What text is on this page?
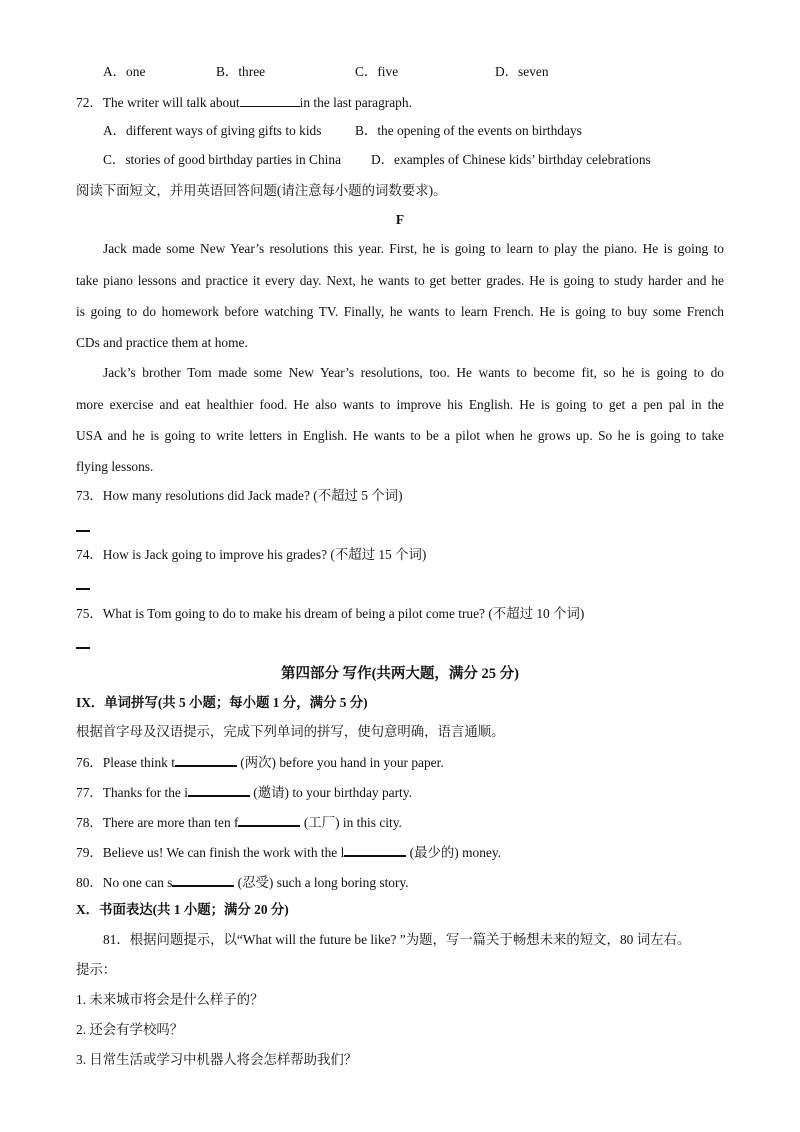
A．one	B．three	C．five	D．seven
72．The writer will talk about	in the last paragraph.
A．different ways of giving gifts to kids	B．the opening of the events on birthdays
C．stories of good birthday parties in China D．examples of Chinese kids’ birthday celebrations
阅读下面短文，并用英语回答问题(请注意每小题的词数要求)。
F
Jack made some New Year’s resolutions this year. First, he is going to learn to play the piano. He is going to
take piano lessons and practice it every day. Next, he wants to get better grades. He is going to study harder and he
is going to do homework before watching TV. Finally, he wants to learn French. He is going to buy some French
CDs and practice them at home.
Jack’s brother Tom made some New Year’s resolutions, too. He wants to become fit, so he is going to do
more exercise and eat healthier food. He also wants to improve his English. He is going to get a pen pal in the
USA and he is going to write letters in English. He wants to be a pilot when he grows up. So he is going to take
flying lessons.
73．How many resolutions did Jack made? (不超过 5 个词)
74．How is Jack going to improve his grades? (不超过 15 个词)
75．What is Tom going to do to make his dream of being a pilot come true? (不超过 10 个词)
第四部分 写作(共两大题，满分 25 分)
IX．单词拼写(共 5 小题；每小题 1 分，满分 5 分)
根据首字母及汉语提示，完成下列单词的拼写，使句意明确，语言通顺。
76．Please think t	(两次) before you hand in your paper.
77．Thanks for the i	(邀请) to your birthday party.
78．There are more than ten f	(工厂) in this city.
79．Believe us! We can finish the work with the l	(最少的) money.
80．No one can s	(忍受) such a long boring story.
X．书面表达(共 1 小题；满分 20 分)
81．根据问题提示，以“What will the future be like? ”为题，写一篇关于畅想未来的短文，80 词左右。
提示：
1. 未来城市将会是什么样子的？
2. 还会有学校吗？
3. 日常生活或学习中机器人将会怎样帮助我们？
